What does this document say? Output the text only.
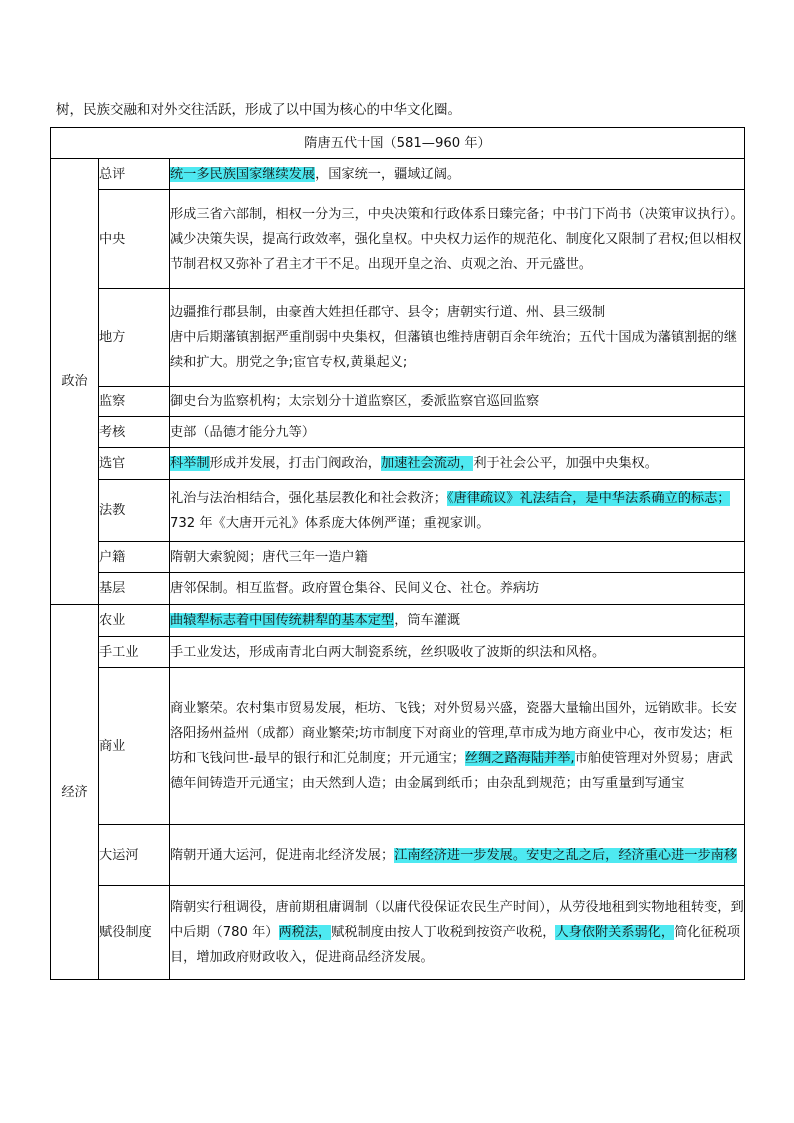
树，民族交融和对外交往活跃，形成了以中国为核心的中华文化圈。
隋唐五代十国（581—960 年）		
政治	总评	统一多民族国家继续发展，国家统一，疆域辽阔。
	中央	形成三省六部制，相权一分为三，中央决策和行政体系日臻完备；中书门下尚书（决策审议执行）。减少决策失误，提高行政效率，强化皇权。中央权力运作的规范化、制度化又限制了君权;但以相权节制君权又弥补了君主才干不足。出现开皇之治、贞观之治、开元盛世。
	地方	边疆推行郡县制，由豪酋大姓担任郡守、县令；唐朝实行道、州、县三级制
唐中后期藩镇割据严重削弱中央集权，但藩镇也维持唐朝百余年统治；五代十国成为藩镇割据的继续和扩大。朋党之争;宦官专权,黄巢起义;

	监察	御史台为监察机构；太宗划分十道监察区，委派监察官巡回监察
	考核	吏部（品德才能分九等）
	选官	科举制形成并发展，打击门阀政治，加速社会流动，利于社会公平，加强中央集权。
	法教	礼治与法治相结合，强化基层教化和社会救济；《唐律疏议》礼法结合，是中华法系确立的标志；732 年《大唐开元礼》体系庞大体例严谨；重视家训。
	户籍	隋朝大索貌阅；唐代三年一造户籍
	基层	唐邻保制。相互监督。政府置仓集谷、民间义仓、社仓。养病坊
经济	农业	曲辕犁标志着中国传统耕犁的基本定型，筒车灌溉
	手工业	手工业发达，形成南青北白两大制瓷系统，丝织吸收了波斯的织法和风格。
	商业	商业繁荣。农村集市贸易发展，柜坊、飞钱；对外贸易兴盛，瓷器大量输出国外，远销欧非。长安洛阳扬州益州（成都）商业繁荣;坊市制度下对商业的管理,草市成为地方商业中心，夜市发达；柜坊和飞钱问世-最早的银行和汇兑制度；开元通宝；丝绸之路海陆并举,市舶使管理对外贸易；唐武德年间铸造开元通宝；由天然到人造；由金属到纸币；由杂乱到规范；由写重量到写通宝
	大运河	隋朝开通大运河，促进南北经济发展；江南经济进一步发展。安史之乱之后，经济重心进一步南移
	赋役制度	隋朝实行租调役，唐前期租庸调制（以庸代役保证农民生产时间），从劳役地租到实物地租转变，到中后期（780 年）两税法，赋税制度由按人丁收税到按资产收税，人身依附关系弱化，简化征税项目，增加政府财政收入，促进商品经济发展。
